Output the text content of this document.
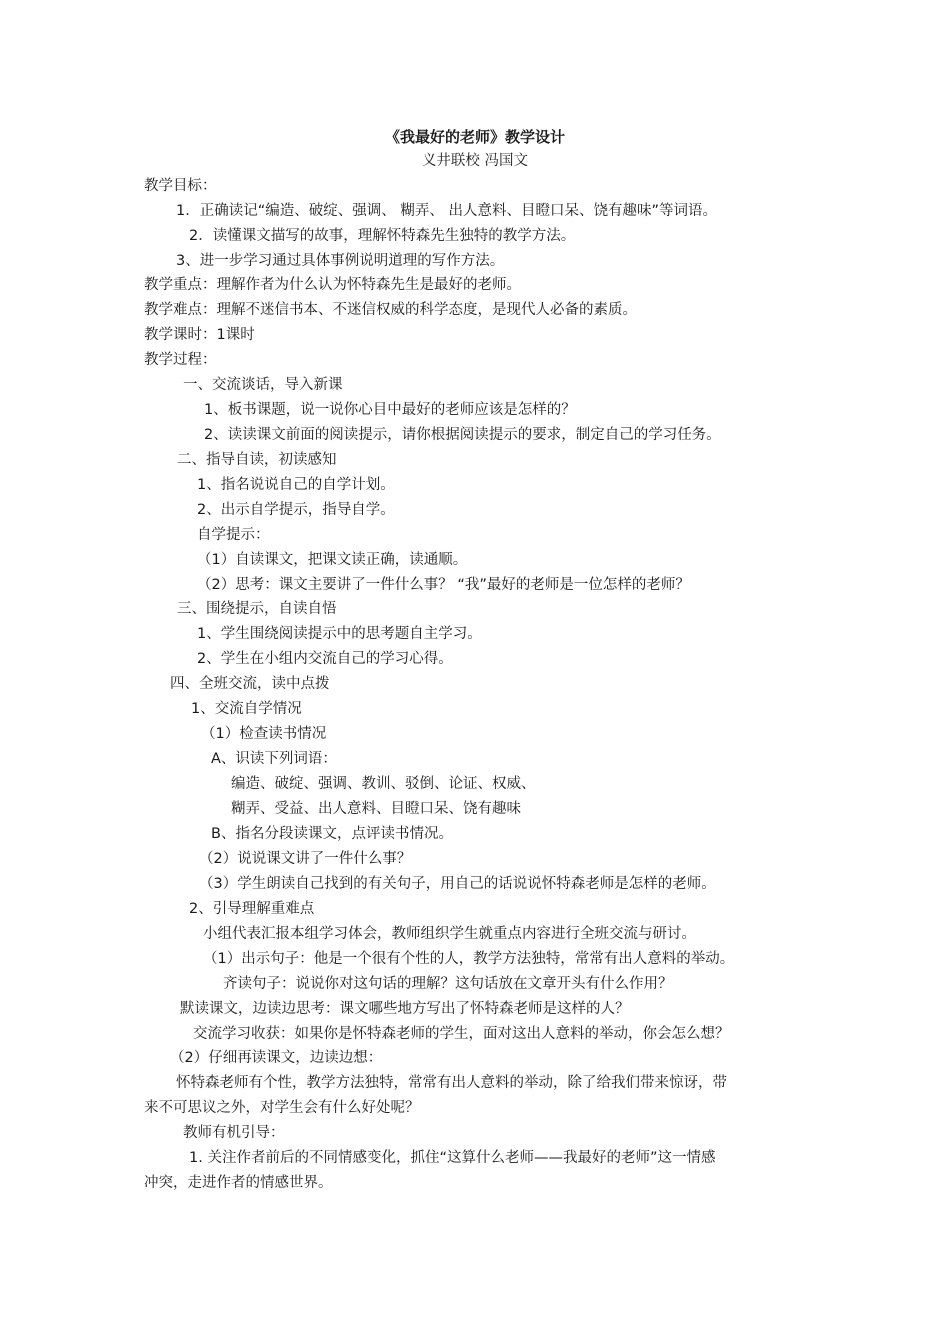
《我最好的老师》教学设计
义井联校 冯国文
教学目标：
1．正确读记“编造、破绽、强调、 糊弄、 出人意料、目瞪口呆、饶有趣味”等词语。
2．读懂课文描写的故事，理解怀特森先生独特的教学方法。
3、进一步学习通过具体事例说明道理的写作方法。
教学重点：理解作者为什么认为怀特森先生是最好的老师。
教学难点：理解不迷信书本、不迷信权威的科学态度，是现代人必备的素质。
教学课时：1课时
教学过程：
一、交流谈话，导入新课
1、板书课题，说一说你心目中最好的老师应该是怎样的？
2、读读课文前面的阅读提示，请你根据阅读提示的要求，制定自己的学习任务。
二、指导自读，初读感知
1、指名说说自己的自学计划。
2、出示自学提示，指导自学。
自学提示：
（1）自读课文，把课文读正确，读通顺。
（2）思考：课文主要讲了一件什么事？ “我”最好的老师是一位怎样的老师？
三、围绕提示，自读自悟
1、学生围绕阅读提示中的思考题自主学习。
2、学生在小组内交流自己的学习心得。
四、全班交流，读中点拨
1、交流自学情况
（1）检查读书情况
A、识读下列词语：
编造、破绽、强调、教训、驳倒、论证、权威、
糊弄、受益、出人意料、目瞪口呆、饶有趣味
B、指名分段读课文，点评读书情况。
（2）说说课文讲了一件什么事？
（3）学生朗读自己找到的有关句子，用自己的话说说怀特森老师是怎样的老师。
2、引导理解重难点
小组代表汇报本组学习体会，教师组织学生就重点内容进行全班交流与研讨。
（1）出示句子：他是一个很有个性的人，教学方法独特，常常有出人意料的举动。
齐读句子：说说你对这句话的理解？这句话放在文章开头有什么作用？
默读课文，边读边思考：课文哪些地方写出了怀特森老师是这样的人？
交流学习收获：如果你是怀特森老师的学生，面对这出人意料的举动，你会怎么想？
（2）仔细再读课文，边读边想：
怀特森老师有个性，教学方法独特，常常有出人意料的举动，除了给我们带来惊讶，带
来不可思议之外，对学生会有什么好处呢？
教师有机引导：
1. 关注作者前后的不同情感变化，抓住“这算什么老师——我最好的老师”这一情感
冲突，走进作者的情感世界。
